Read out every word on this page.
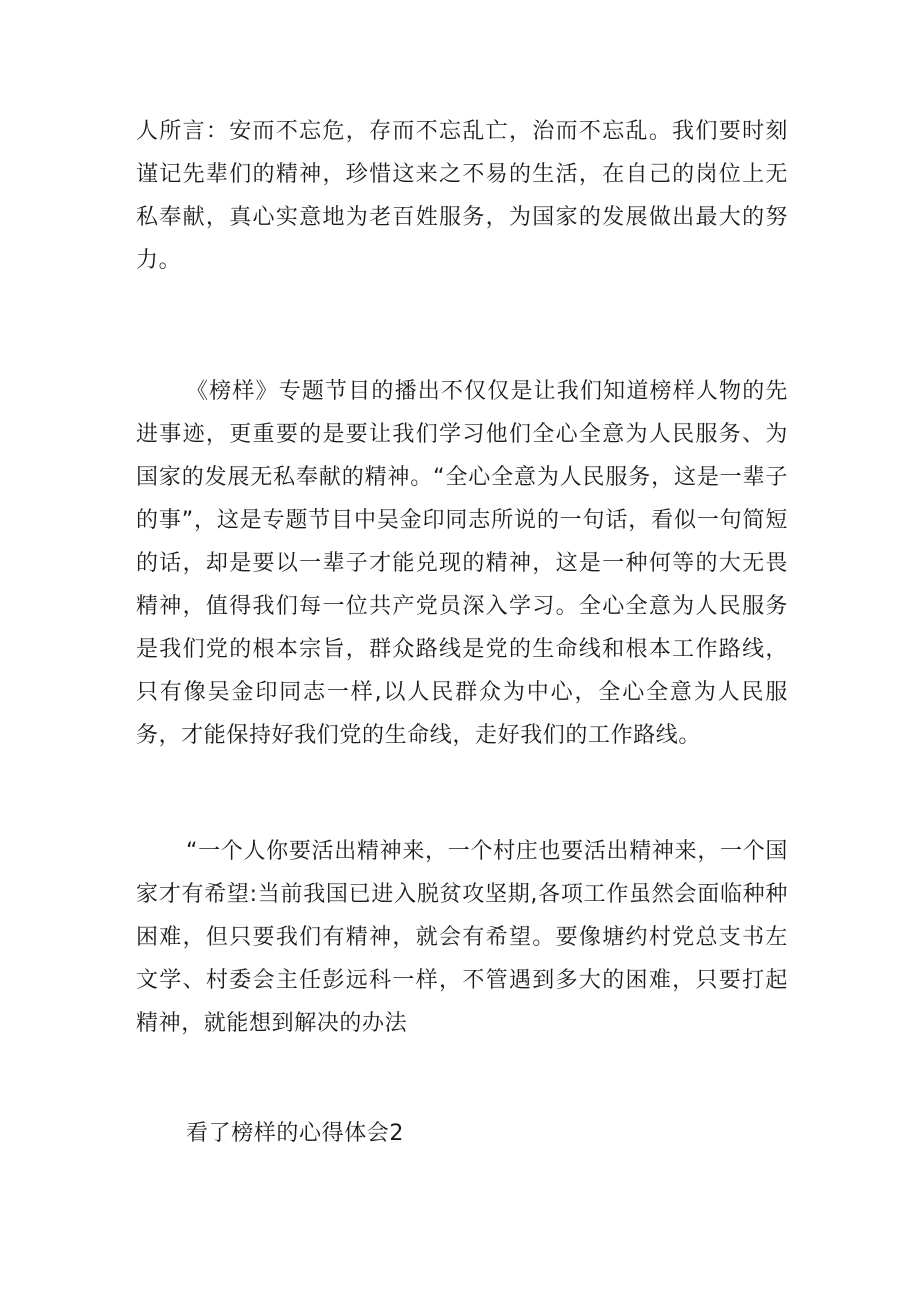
人所言：安而不忘危，存而不忘乱亡，治而不忘乱。我们要时刻谨记先辈们的精神，珍惜这来之不易的生活，在自己的岗位上无私奉献，真心实意地为老百姓服务，为国家的发展做出最大的努力。

《榜样》专题节目的播出不仅仅是让我们知道榜样人物的先进事迹，更重要的是要让我们学习他们全心全意为人民服务、为国家的发展无私奉献的精神。“全心全意为人民服务，这是一辈子的事”，这是专题节目中吴金印同志所说的一句话，看似一句简短的话，却是要以一辈子才能兑现的精神，这是一种何等的大无畏精神，值得我们每一位共产党员深入学习。全心全意为人民服务是我们党的根本宗旨，群众路线是党的生命线和根本工作路线，只有像吴金印同志一样,以人民群众为中心，全心全意为人民服务，才能保持好我们党的生命线，走好我们的工作路线。

“一个人你要活出精神来，一个村庄也要活出精神来，一个国家才有希望:当前我国已进入脱贫攻坚期,各项工作虽然会面临种种困难，但只要我们有精神，就会有希望。要像塘约村党总支书左文学、村委会主任彭远科一样，不管遇到多大的困难，只要打起精神，就能想到解决的办法

看了榜样的心得体会2
